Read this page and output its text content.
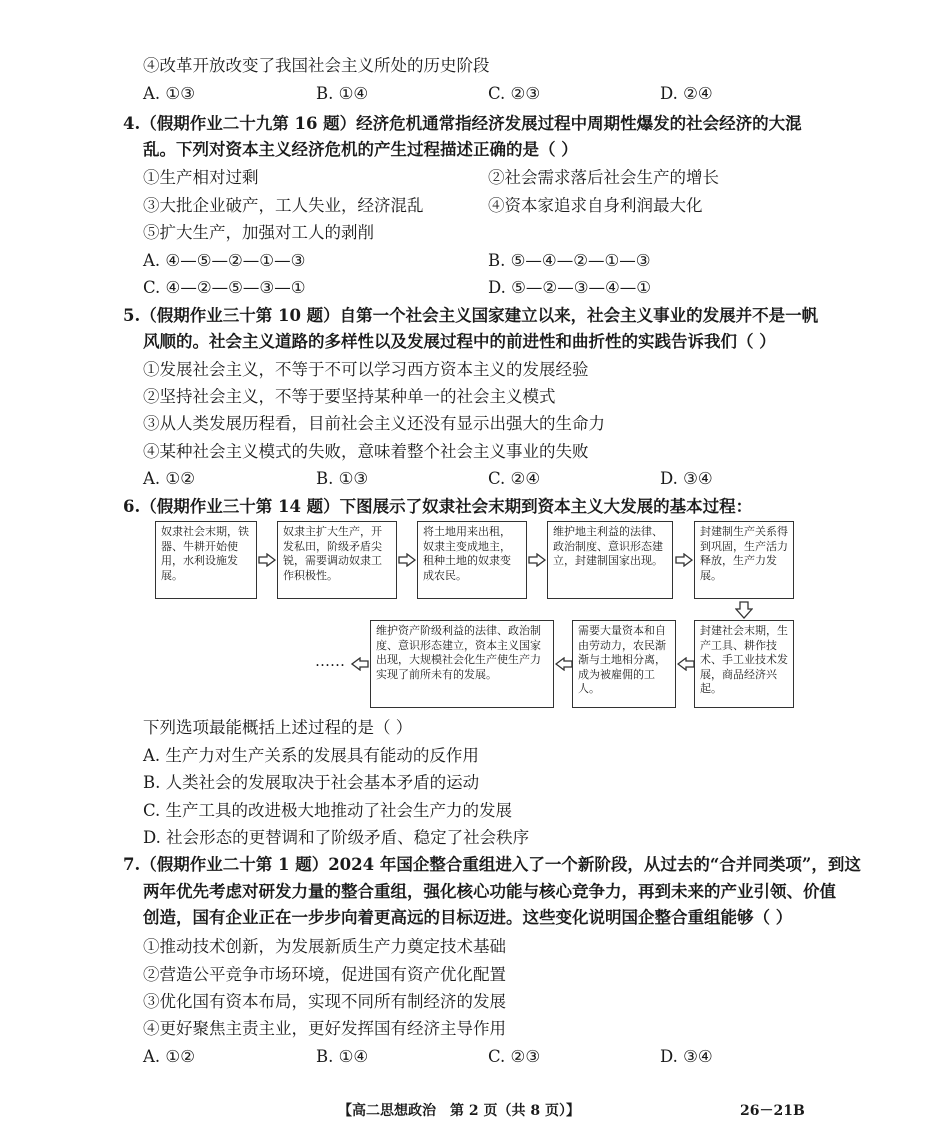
④改革开放改变了我国社会主义所处的历史阶段
A. ①③	B. ①④	C. ②③	D. ②④
4.（假期作业二十九第 16 题）经济危机通常指经济发展过程中周期性爆发的社会经济的大混
乱。下列对资本主义经济危机的产生过程描述正确的是（ ）
①生产相对过剩	②社会需求落后社会生产的增长
③大批企业破产，工人失业，经济混乱	④资本家追求自身利润最大化
⑤扩大生产，加强对工人的剥削
A. ④—⑤—②—①—③	B. ⑤—④—②—①—③
C. ④—②—⑤—③—①	D. ⑤—②—③—④—①
5.（假期作业三十第 10 题）自第一个社会主义国家建立以来，社会主义事业的发展并不是一帆
风顺的。社会主义道路的多样性以及发展过程中的前进性和曲折性的实践告诉我们（ ）
①发展社会主义，不等于不可以学习西方资本主义的发展经验
②坚持社会主义，不等于要坚持某种单一的社会主义模式
③从人类发展历程看，目前社会主义还没有显示出强大的生命力
④某种社会主义模式的失败，意味着整个社会主义事业的失败
A. ①②	B. ①③	C. ②④	D. ③④
6.（假期作业三十第 14 题）下图展示了奴隶社会末期到资本主义大发展的基本过程：
奴隶社会末期，铁器、牛耕开始使用，水利设施发展。
奴隶主扩大生产，开发私田，阶级矛盾尖锐，需要调动奴隶工作积极性。
将土地用来出租，奴隶主变成地主，租种土地的奴隶变成农民。
维护地主利益的法律、政治制度、意识形态建立，封建制国家出现。
封建制生产关系得到巩固，生产活力释放，生产力发展。
封建社会末期，生产工具、耕作技术、手工业技术发展，商品经济兴起。
需要大量资本和自由劳动力，农民渐渐与土地相分离，成为被雇佣的工人。
维护资产阶级利益的法律、政治制度、意识形态建立，资本主义国家出现，大规模社会化生产使生产力实现了前所未有的发展。
……
下列选项最能概括上述过程的是（ ）
A. 生产力对生产关系的发展具有能动的反作用
B. 人类社会的发展取决于社会基本矛盾的运动
C. 生产工具的改进极大地推动了社会生产力的发展
D. 社会形态的更替调和了阶级矛盾、稳定了社会秩序
7.（假期作业二十第 1 题）2024 年国企整合重组进入了一个新阶段，从过去的“合并同类项”，到这
两年优先考虑对研发力量的整合重组，强化核心功能与核心竞争力，再到未来的产业引领、价值
创造，国有企业正在一步步向着更高远的目标迈进。这些变化说明国企整合重组能够（ ）
①推动技术创新，为发展新质生产力奠定技术基础
②营造公平竞争市场环境，促进国有资产优化配置
③优化国有资本布局，实现不同所有制经济的发展
④更好聚焦主责主业，更好发挥国有经济主导作用
A. ①②	B. ①④	C. ②③	D. ③④
【高二思想政治　第 2 页（共 8 页）】	26－21B
